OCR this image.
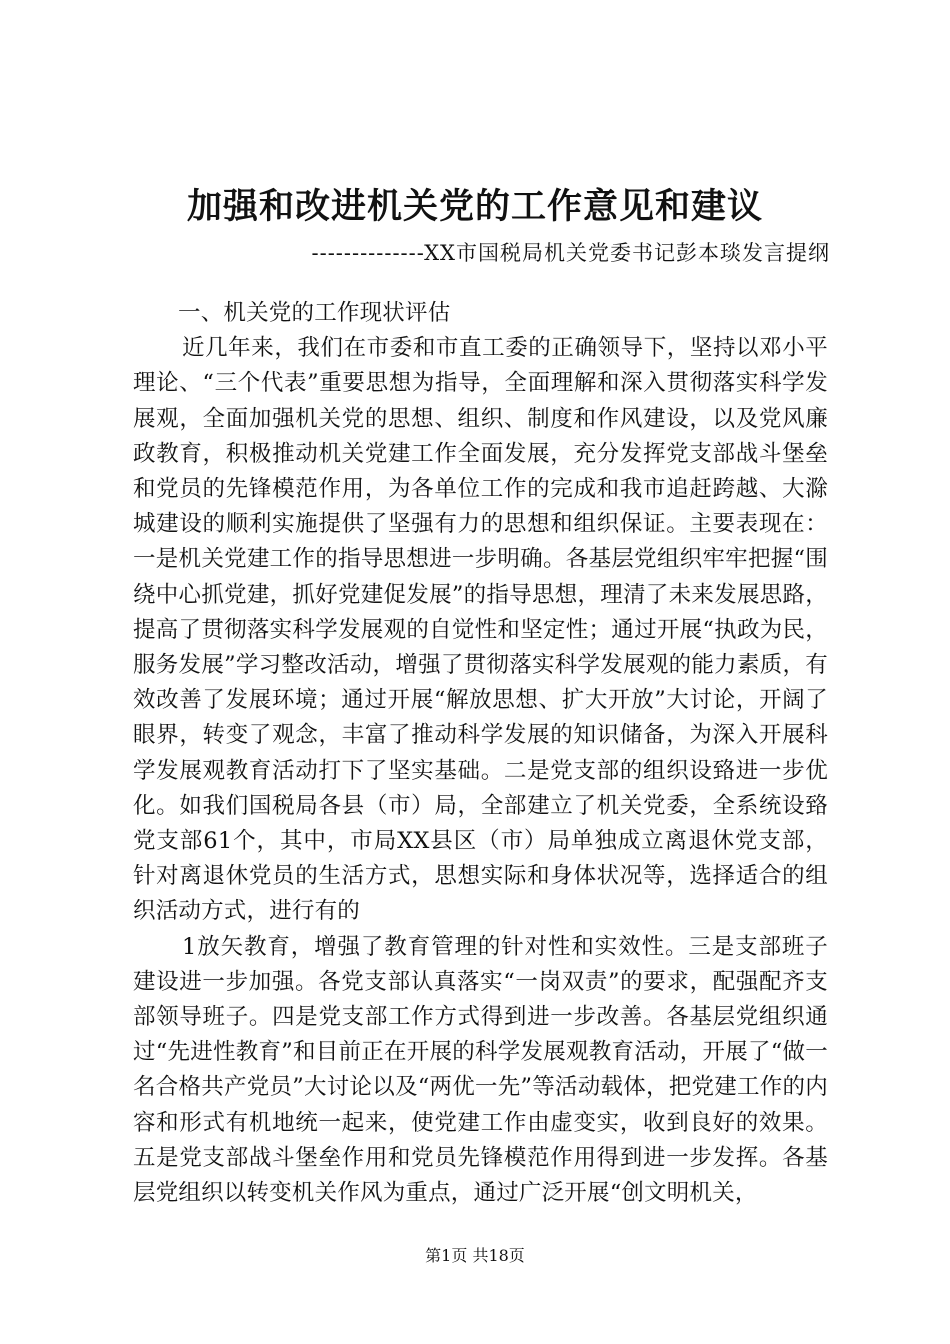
加强和改进机关党的工作意见和建议
--------------XX市国税局机关党委书记彭本琰发言提纲

一、机关党的工作现状评估

近几年来，我们在市委和市直工委的正确领导下，坚持以邓小平理论、“三个代表”重要思想为指导，全面理解和深入贯彻落实科学发展观，全面加强机关党的思想、组织、制度和作风建设，以及党风廉政教育，积极推动机关党建工作全面发展，充分发挥党支部战斗堡垒和党员的先锋模范作用，为各单位工作的完成和我市追赶跨越、大滁城建设的顺利实施提供了坚强有力的思想和组织保证。主要表现在：一是机关党建工作的指导思想进一步明确。各基层党组织牢牢把握“围绕中心抓党建，抓好党建促发展”的指导思想，理清了未来发展思路，提高了贯彻落实科学发展观的自觉性和坚定性；通过开展“执政为民，服务发展”学习整改活动，增强了贯彻落实科学发展观的能力素质，有效改善了发展环境；通过开展“解放思想、扩大开放”大讨论，开阔了眼界，转变了观念，丰富了推动科学发展的知识储备，为深入开展科学发展观教育活动打下了坚实基础。二是党支部的组织设臵进一步优化。如我们国税局各县（市）局，全部建立了机关党委，全系统设臵党支部61个，其中，市局XX县区（市）局单独成立离退休党支部，针对离退休党员的生活方式，思想实际和身体状况等，选择适合的组织活动方式，进行有的

1放矢教育，增强了教育管理的针对性和实效性。三是支部班子建设进一步加强。各党支部认真落实“一岗双责”的要求，配强配齐支部领导班子。四是党支部工作方式得到进一步改善。各基层党组织通过“先进性教育”和目前正在开展的科学发展观教育活动，开展了“做一名合格共产党员”大讨论以及“两优一先”等活动载体，把党建工作的内容和形式有机地统一起来，使党建工作由虚变实，收到良好的效果。五是党支部战斗堡垒作用和党员先锋模范作用得到进一步发挥。各基层党组织以转变机关作风为重点，通过广泛开展“创文明机关，

第1页 共18页
